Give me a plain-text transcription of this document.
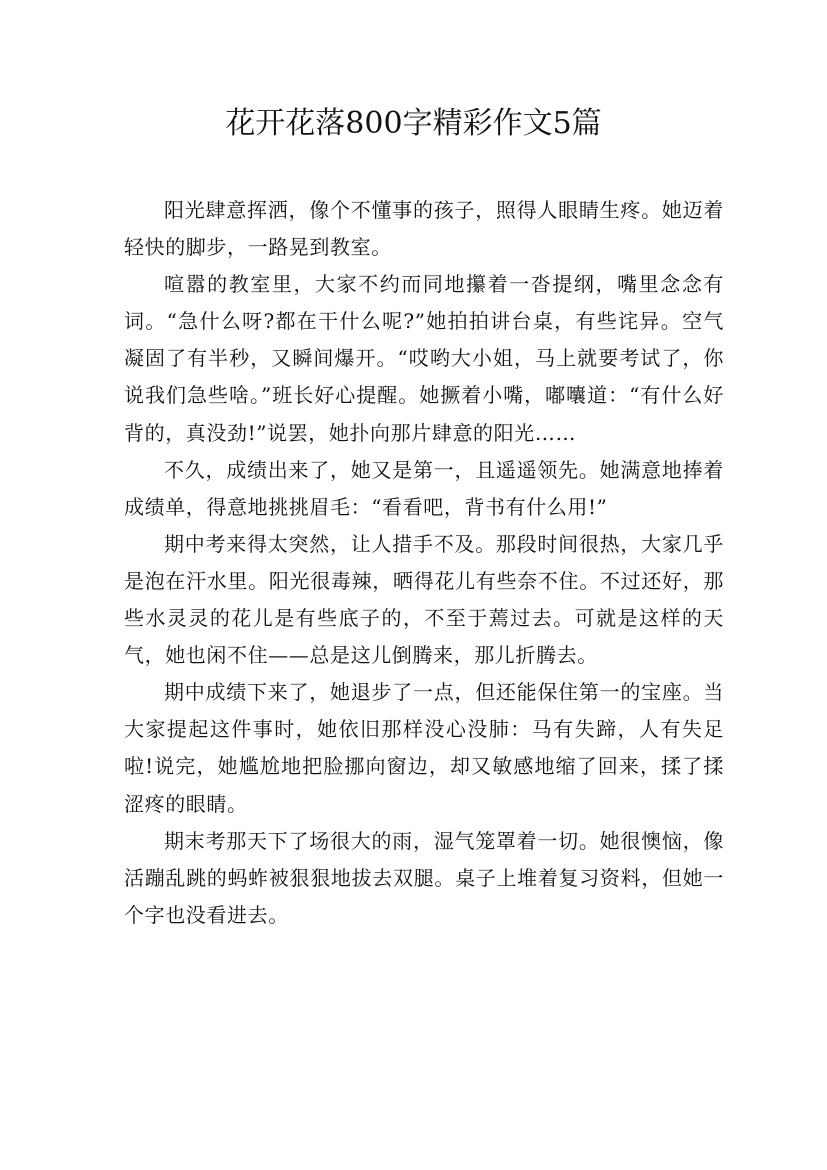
花开花落800字精彩作文5篇

阳光肆意挥洒，像个不懂事的孩子，照得人眼睛生疼。她迈着轻快的脚步，一路晃到教室。

喧嚣的教室里，大家不约而同地攥着一沓提纲，嘴里念念有词。“急什么呀?都在干什么呢?”她拍拍讲台桌，有些诧异。空气凝固了有半秒，又瞬间爆开。“哎哟大小姐，马上就要考试了，你说我们急些啥。”班长好心提醒。她撅着小嘴，嘟囔道：“有什么好背的，真没劲!”说罢，她扑向那片肆意的阳光……

不久，成绩出来了，她又是第一，且遥遥领先。她满意地捧着成绩单，得意地挑挑眉毛：“看看吧，背书有什么用!”

期中考来得太突然，让人措手不及。那段时间很热，大家几乎是泡在汗水里。阳光很毒辣，晒得花儿有些奈不住。不过还好，那些水灵灵的花儿是有些底子的，不至于蔫过去。可就是这样的天气，她也闲不住——总是这儿倒腾来，那儿折腾去。

期中成绩下来了，她退步了一点，但还能保住第一的宝座。当大家提起这件事时，她依旧那样没心没肺：马有失蹄，人有失足啦!说完，她尴尬地把脸挪向窗边，却又敏感地缩了回来，揉了揉涩疼的眼睛。

期末考那天下了场很大的雨，湿气笼罩着一切。她很懊恼，像活蹦乱跳的蚂蚱被狠狠地拔去双腿。桌子上堆着复习资料，但她一个字也没看进去。
